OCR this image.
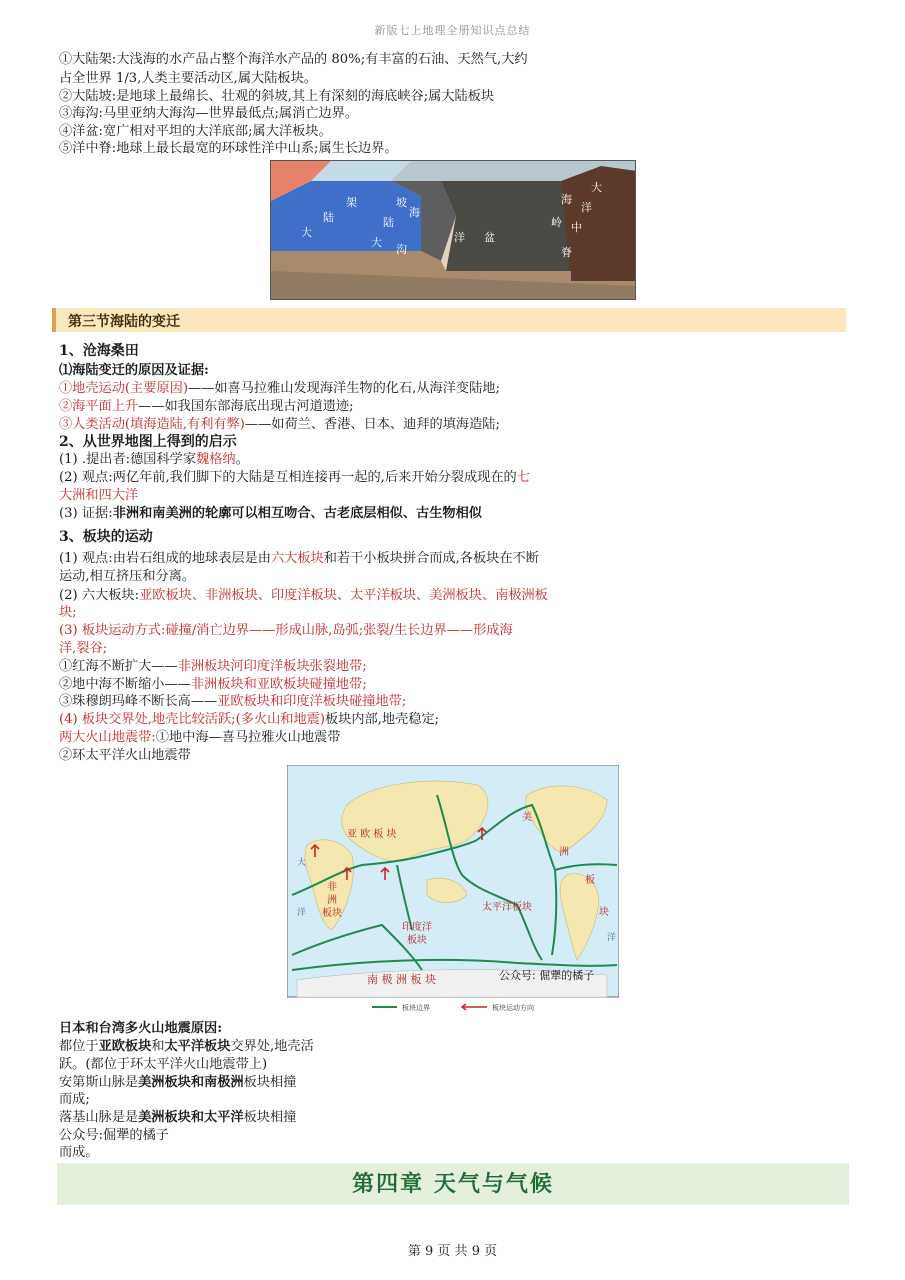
新版七上地理全册知识点总结
①大陆架:大浅海的水产品占整个海洋水产品的 80%;有丰富的石油、天然气,大约
占全世界 1/3,人类主要活动区,属大陆板块。
②大陆坡:是地球上最绵长、壮观的斜坡,其上有深刻的海底峡谷;属大陆板块
③海沟:马里亚纳大海沟—世界最低点;属消亡边界。
④洋盆:宽广相对平坦的大洋底部;属大洋板块。
⑤洋中脊:地球上最长最宽的环球性洋中山系;属生长边界。
大
陆
架
大
陆
坡
海
沟
洋 盆
大
洋
中
海
岭
脊
第三节海陆的变迁
1、沧海桑田
⑴海陆变迁的原因及证据:
①地壳运动(主要原因)——如喜马拉雅山发现海洋生物的化石,从海洋变陆地;
②海平面上升——如我国东部海底出现古河道遗迹;
③人类活动(填海造陆,有利有弊)——如荷兰、香港、日本、迪拜的填海造陆;
2、从世界地图上得到的启示
(1) .提出者:德国科学家魏格纳。
(2) 观点:两亿年前,我们脚下的大陆是互相连接再一起的,后来开始分裂成现在的七
大洲和四大洋
(3) 证据:非洲和南美洲的轮廓可以相互吻合、古老底层相似、古生物相似
3、板块的运动
(1) 观点:由岩石组成的地球表层是由六大板块和若干小板块拼合而成,各板块在不断
运动,相互挤压和分离。
(2) 六大板块:亚欧板块、非洲板块、印度洋板块、太平洋板块、美洲板块、南极洲板
块;
(3) 板块运动方式:碰撞/消亡边界——形成山脉,岛弧;张裂/生长边界——形成海
洋,裂谷;
①红海不断扩大——非洲板块河印度洋板块张裂地带;
②地中海不断缩小——非洲板块和亚欧板块碰撞地带;
③珠穆朗玛峰不断长高——亚欧板块和印度洋板块碰撞地带;
(4) 板块交界处,地壳比较活跃;(多火山和地震)板块内部,地壳稳定;
两大火山地震带:①地中海—喜马拉雅火山地震带
②环太平洋火山地震带
亚 欧 板 块
非
洲
板块
印度洋
板块
太平洋板块
美
洲
板
块
南 极 洲 板 块
大
洋
洋
公众号: 倔犟的橘子
板块边界	板块运动方向
日本和台湾多火山地震原因:
都位于亚欧板块和太平洋板块交界处,地壳活
跃。(都位于环太平洋火山地震带上)
安第斯山脉是美洲板块和南极洲板块相撞
而成;
落基山脉是是美洲板块和太平洋板块相撞
公众号:倔犟的橘子
而成。
第四章 天气与气候
第 9 页 共 9 页
